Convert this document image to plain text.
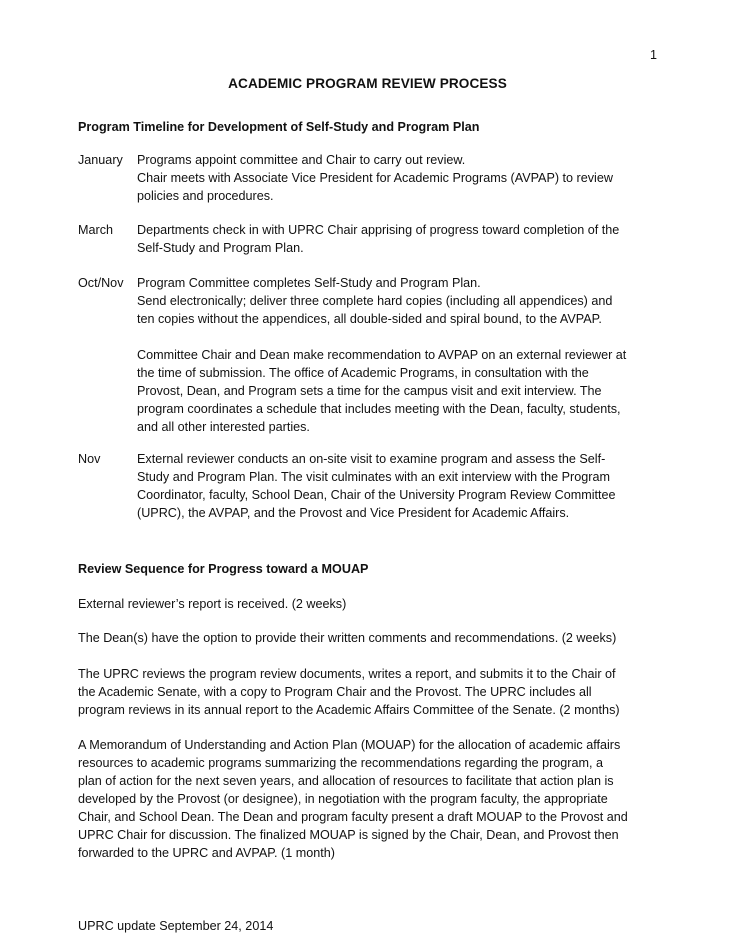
1
ACADEMIC PROGRAM REVIEW PROCESS
Program Timeline for Development of Self-Study and Program Plan
January	Programs appoint committee and Chair to carry out review.
Chair meets with Associate Vice President for Academic Programs (AVPAP) to review
policies and procedures.
March	Departments check in with UPRC Chair apprising of progress toward completion of the
Self-Study and Program Plan.
Oct/Nov	Program Committee completes Self-Study and Program Plan.
Send electronically; deliver three complete hard copies (including all appendices) and
ten copies without the appendices, all double-sided and spiral bound, to the AVPAP.
Committee Chair and Dean make recommendation to AVPAP on an external reviewer at
the time of submission. The office of Academic Programs, in consultation with the
Provost, Dean, and Program sets a time for the campus visit and exit interview. The
program coordinates a schedule that includes meeting with the Dean, faculty, students,
and all other interested parties.
Nov	External reviewer conducts an on-site visit to examine program and assess the Self-
Study and Program Plan. The visit culminates with an exit interview with the Program
Coordinator, faculty, School Dean, Chair of the University Program Review Committee
(UPRC), the AVPAP, and the Provost and Vice President for Academic Affairs.
Review Sequence for Progress toward a MOUAP
External reviewer’s report is received. (2 weeks)
The Dean(s) have the option to provide their written comments and recommendations. (2 weeks)
The UPRC reviews the program review documents, writes a report, and submits it to the Chair of
the Academic Senate, with a copy to Program Chair and the Provost. The UPRC includes all
program reviews in its annual report to the Academic Affairs Committee of the Senate. (2 months)
A Memorandum of Understanding and Action Plan (MOUAP) for the allocation of academic affairs
resources to academic programs summarizing the recommendations regarding the program, a
plan of action for the next seven years, and allocation of resources to facilitate that action plan is
developed by the Provost (or designee), in negotiation with the program faculty, the appropriate
Chair, and School Dean. The Dean and program faculty present a draft MOUAP to the Provost and
UPRC Chair for discussion. The finalized MOUAP is signed by the Chair, Dean, and Provost then
forwarded to the UPRC and AVPAP. (1 month)
UPRC update September 24, 2014
